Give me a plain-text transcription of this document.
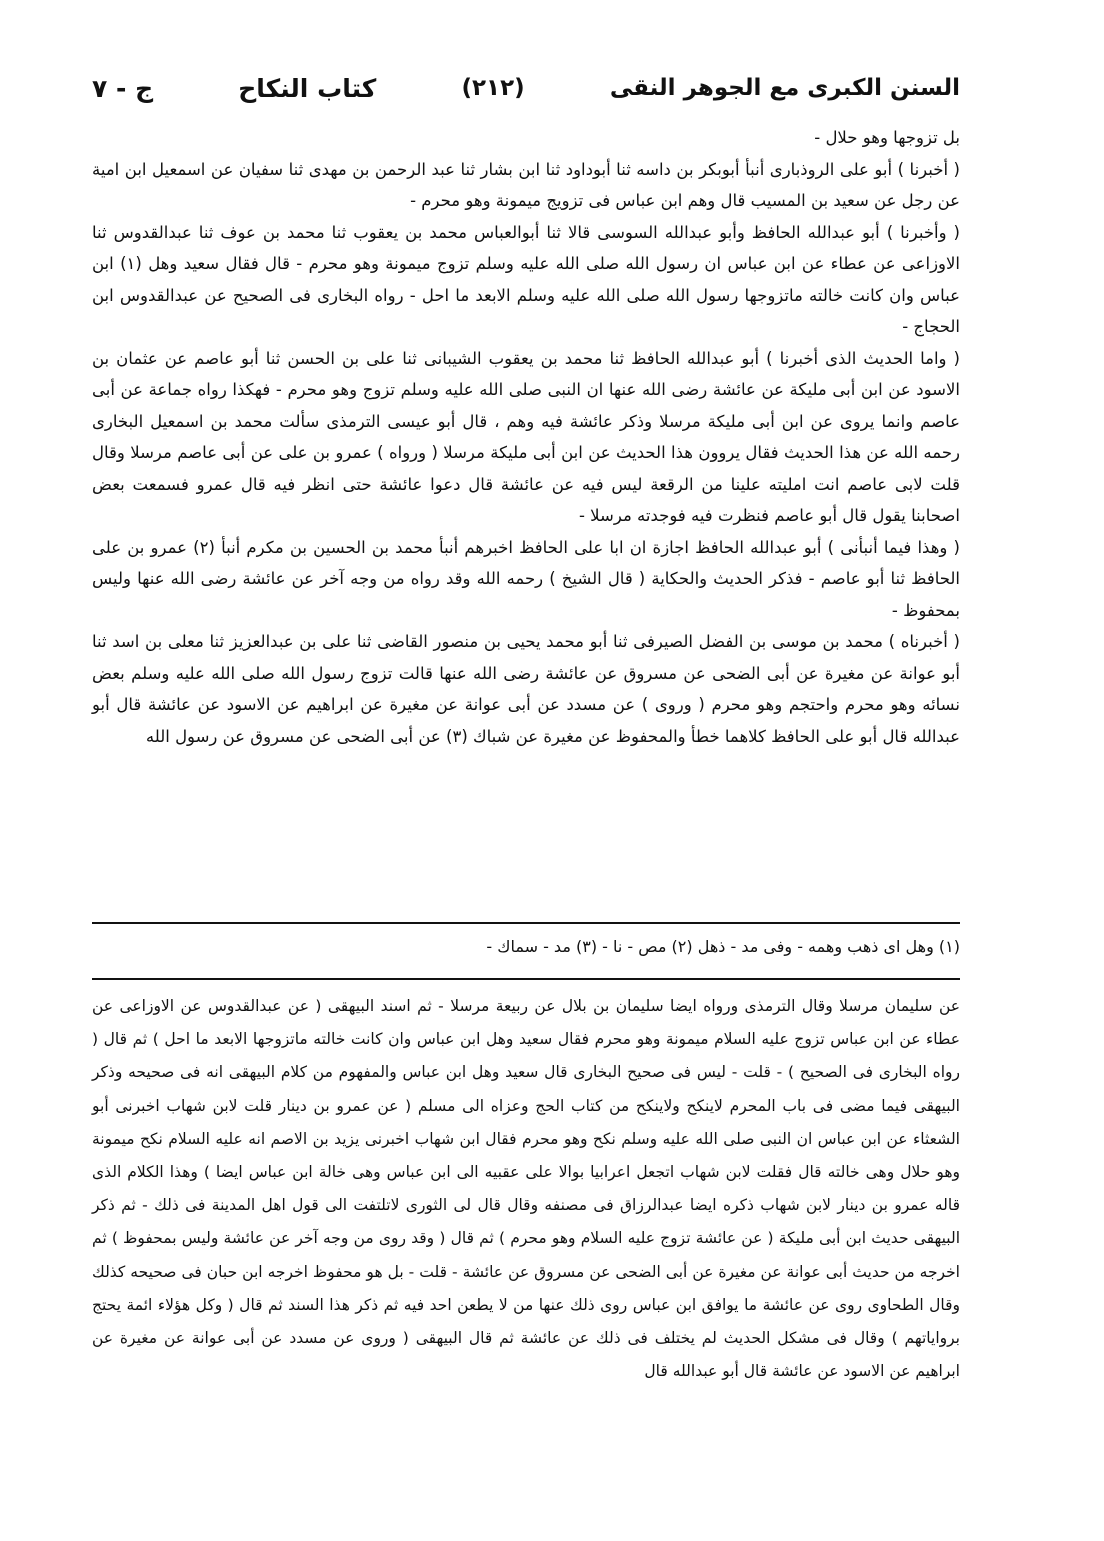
السنن الكبرى مع الجوهر النقى
(٢١٢)
كتاب النكاح
ج - ٧

بل تزوجها وهو حلال -

( أخبرنا ) أبو على الروذبارى أنبأ أبوبكر بن داسه ثنا أبوداود ثنا ابن بشار ثنا عبد الرحمن بن مهدى ثنا سفيان عن اسمعيل ابن امية عن رجل عن سعيد بن المسيب قال وهم ابن عباس فى تزويج ميمونة وهو محرم -

( وأخبرنا ) أبو عبدالله الحافظ وأبو عبدالله السوسى قالا ثنا أبوالعباس محمد بن يعقوب ثنا محمد بن عوف ثنا عبدالقدوس ثنا الاوزاعى عن عطاء عن ابن عباس ان رسول الله صلى الله عليه وسلم تزوج ميمونة وهو محرم - قال فقال سعيد وهل (١) ابن عباس وان كانت خالته ماتزوجها رسول الله صلى الله عليه وسلم الابعد ما احل - رواه البخارى فى الصحيح عن عبدالقدوس ابن الحجاج -

( واما الحديث الذى أخبرنا ) أبو عبدالله الحافظ ثنا محمد بن يعقوب الشيبانى ثنا على بن الحسن ثنا أبو عاصم عن عثمان بن الاسود عن ابن أبى مليكة عن عائشة رضى الله عنها ان النبى صلى الله عليه وسلم تزوج وهو محرم - فهكذا رواه جماعة عن أبى عاصم وانما يروى عن ابن أبى مليكة مرسلا وذكر عائشة فيه وهم ، قال أبو عيسى الترمذى سألت محمد بن اسمعيل البخارى رحمه الله عن هذا الحديث فقال يروون هذا الحديث عن ابن أبى مليكة مرسلا ( ورواه ) عمرو بن على عن أبى عاصم مرسلا وقال قلت لابى عاصم انت امليته علينا من الرقعة ليس فيه عن عائشة قال دعوا عائشة حتى انظر فيه قال عمرو فسمعت بعض اصحابنا يقول قال أبو عاصم فنظرت فيه فوجدته مرسلا -

( وهذا فيما أنبأنى ) أبو عبدالله الحافظ اجازة ان ابا على الحافظ اخبرهم أنبأ محمد بن الحسين بن مكرم أنبأ (٢) عمرو بن على الحافظ ثنا أبو عاصم - فذكر الحديث والحكاية ( قال الشيخ ) رحمه الله وقد رواه من وجه آخر عن عائشة رضى الله عنها وليس بمحفوظ -

( أخبرناه ) محمد بن موسى بن الفضل الصيرفى ثنا أبو محمد يحيى بن منصور القاضى ثنا على بن عبدالعزيز ثنا معلى بن اسد ثنا أبو عوانة عن مغيرة عن أبى الضحى عن مسروق عن عائشة رضى الله عنها قالت تزوج رسول الله صلى الله عليه وسلم بعض نسائه وهو محرم واحتجم وهو محرم ( وروى ) عن مسدد عن أبى عوانة عن مغيرة عن ابراهيم عن الاسود عن عائشة قال أبو عبدالله قال أبو على الحافظ كلاهما خطأ والمحفوظ عن مغيرة عن شباك (٣) عن أبى الضحى عن مسروق عن رسول الله

(١) وهل اى ذهب وهمه - وفى مد - ذهل (٢) مص - نا - (٣) مد - سماك -

عن سليمان مرسلا وقال الترمذى ورواه ايضا سليمان بن بلال عن ربيعة مرسلا - ثم اسند البيهقى ( عن عبدالقدوس عن الاوزاعى عن عطاء عن ابن عباس تزوج عليه السلام ميمونة وهو محرم فقال سعيد وهل ابن عباس وان كانت خالته ماتزوجها الابعد ما احل ) ثم قال ( رواه البخارى فى الصحيح ) - قلت - ليس فى صحيح البخارى قال سعيد وهل ابن عباس والمفهوم من كلام البيهقى انه فى صحيحه وذكر البيهقى فيما مضى فى باب المحرم لاينكح ولاينكح من كتاب الحج وعزاه الى مسلم ( عن عمرو بن دينار قلت لابن شهاب اخبرنى أبو الشعثاء عن ابن عباس ان النبى صلى الله عليه وسلم نكح وهو محرم فقال ابن شهاب اخبرنى يزيد بن الاصم انه عليه السلام نكح ميمونة وهو حلال وهى خالته قال فقلت لابن شهاب اتجعل اعرابيا بوالا على عقبيه الى ابن عباس وهى خالة ابن عباس ايضا ) وهذا الكلام الذى قاله عمرو بن دينار لابن شهاب ذكره ايضا عبدالرزاق فى مصنفه وقال قال لى الثورى لاتلتفت الى قول اهل المدينة فى ذلك - ثم ذكر البيهقى حديث ابن أبى مليكة ( عن عائشة تزوج عليه السلام وهو محرم ) ثم قال ( وقد روى من وجه آخر عن عائشة وليس بمحفوظ ) ثم اخرجه من حديث أبى عوانة عن مغيرة عن أبى الضحى عن مسروق عن عائشة - قلت - بل هو محفوظ اخرجه ابن حبان فى صحيحه كذلك وقال الطحاوى روى عن عائشة ما يوافق ابن عباس روى ذلك عنها من لا يطعن احد فيه ثم ذكر هذا السند ثم قال ( وكل هؤلاء ائمة يحتج برواياتهم ) وقال فى مشكل الحديث لم يختلف فى ذلك عن عائشة ثم قال البيهقى ( وروى عن مسدد عن أبى عوانة عن مغيرة عن ابراهيم عن الاسود عن عائشة قال أبو عبدالله قال
